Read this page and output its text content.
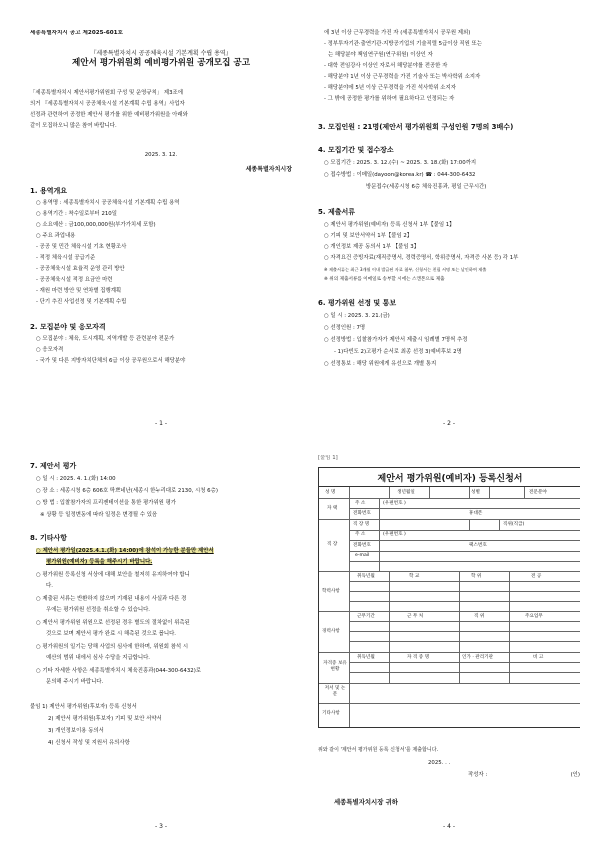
세종특별자치시 공고 제2025-601호
『세종특별자치시 공공체육시설 기본계획 수립 용역』
제안서 평가위원회 예비평가위원 공개모집 공고
「세종특별자치시 제안서평가위원회 구성 및 운영규칙」 제3조에
의거 『세종특별자치시 공공체육시설 기본계획 수립 용역』사업자
선정과 관련하여 공정한 제안서 평가를 위한 예비평가위원을 아래와
같이 모집하오니 많은 참여 바랍니다.
2025. 3. 12.
세종특별자치시장
1. 용역개요
○ 용역명 : 세종특별자치시 공공체육시설 기본계획 수립 용역
○ 용역기간 : 착수일로부터 210일
○ 소요예산 : 금100,000,000원(부가가치세 포함)
○ 주요 과업내용
- 공공 및 민간 체육시설 기초 현황조사
- 적정 체육시설 공급기준
- 공공체육시설 효율적 운영 관리 방안
- 공공체육시설 적정 요금안 마련
- 재원 마련 방안 및 연차별 집행계획
- 단기 추진 사업선정 및 기본계획 수립
2. 모집분야 및 응모자격
○ 모집분야 : 체육, 도시계획, 지역개발 등 관련분야 전문가
○ 응모자격
- 국가 및 다른 지방자치단체의 6급 이상 공무원으로서 해당분야
- 1 -
에 3년 이상 근무경력을 가진 자 (세종특별자치시 공무원 제외)
- 정부투자기관·출연기관·지방공기업의 기술직렬 5급이상 직원 또는
는 해당분야 책임연구원(연구위원) 이상인 자
- 대학 전임강사 이상인 자로서 해당분야를 전공한 자
- 해당분야 1년 이상 근무경력을 가진 기술사 또는 박사학위 소지자
- 해당분야에 5년 이상 근무경력을 가진 석사학위 소지자
- 그 밖에 공정한 평가를 위하여 필요하다고 인정되는 자
3. 모집인원 : 21명(제안서 평가위원회 구성인원 7명의 3배수)
4. 모집기간 및 접수장소
○ 모집기간 : 2025. 3. 12.(수) ~ 2025. 3. 18.(화) 17:00까지
○ 접수방법 : 이메일(dayoon@korea.kr) ☎ : 044-300-6432
방문접수(세종시청 6층 체육진흥과, 평일 근무시간)
5. 제출서류
○ 제안서 평가위원(예비자) 등록 신청서 1부【붙임 1】
○ 기피 및 보안서약서 1부【붙임 2】
○ 개인정보 제공 동의서 1부 【붙임 3】
○ 자격요건 증빙자료(재직증명서, 경력증명서, 학위증명서, 자격증 사본 등) 각 1부
※ 제출서류는 최근 3개월 이내 발급된 자료 첨부, 신청서는 친필 서명 또는 날인하여 제출
※ 위의 제출서류를 이메일로 송부할 시에는 스캔본으로 제출
6. 평가위원 선정 및 통보
○ 일 시 : 2025. 3. 21.(금)
○ 선정인원 : 7명
○ 선정방법 : 입찰참가자가 제안서 제출시 임례별 7명씩 추정
- 1)다빈도 2)고평가 순서로 최종 선정 3)예비후보 2명
○ 선정통보 : 해당 위원에게 유선으로 개별 통지
- 2 -
7. 제안서 평가
○ 일 시 : 2025. 4. 1.(화) 14:00
○ 장 소 : 세종시청 6층 606호 딱쁘네난(세종시 한누리대로 2130, 시청 6층)
○ 방 법 : 입찰참가자의 프리젠테이션을 통한 평가위원 평가
※ 상황 등 일정변동에 따라 일정은 변경될 수 있음
8. 기타사항
○ 제안서 평가일(2025.4.1.(화) 14:00)에 참석이 가능한 분들만 제안서
평가위원(예비자) 등록을 해주시기 바랍니다.
○ 평가위원 등록신청 서상에 대해 보안을 철저히 유지하여야 합니
다.
○ 제출된 서류는 반환하지 않으며 기재된 내용이 사실과 다른 경
우에는 평가위원 선정을 취소할 수 있습니다.
○ 제안서 평가위원 위원으로 선정된 경우 별도의 절차없이 위촉된
것으로 보며 제안서 평가 완료 시 해촉된 것으로 봅니다.
○ 평가위원의 일기는 당해 사업의 심사에 한하며, 위원회 참석 시
예산의 범위 내에서 심사 수당을 지급합니다.
○ 기타 자세한 사항은 세종특별자치시 체육진흥과(044-300-6432)로
문의해 주시기 바랍니다.
붙임 1) 제안서 평가위원(후보자) 등록 신청서
2) 제안서 평가위원(후보자) 기피 및 보안 서약서
3) 개인정보이용 동의서
4) 신청서 작성 및 지원서 유의사항
- 3 -
[붙임 1]
제안서 평가위원(예비자) 등록신청서
성 명	생년월일	성별	전문분야
자 택
주 소	(우편번호 )
전화번호	휴대폰
직 장
직 장 명	직위(직급)
주 소	(우편번호 )
전화번호	팩스번호
e-mail
학력사항
취득년월	학 교	학 위	전 공
경력사항
근무기간	근 무 처	직 위	주요업무
자격증 보유현황
취득년월	자 격 증 명	인가 · 관리기관	비 고
저서 및 논문
기타사항
위와 같이 '제안서 평가위원 등록 신청서'를 제출합니다.
2025. . .
작성자 :	(인)
세종특별자치시장 귀하
- 4 -
